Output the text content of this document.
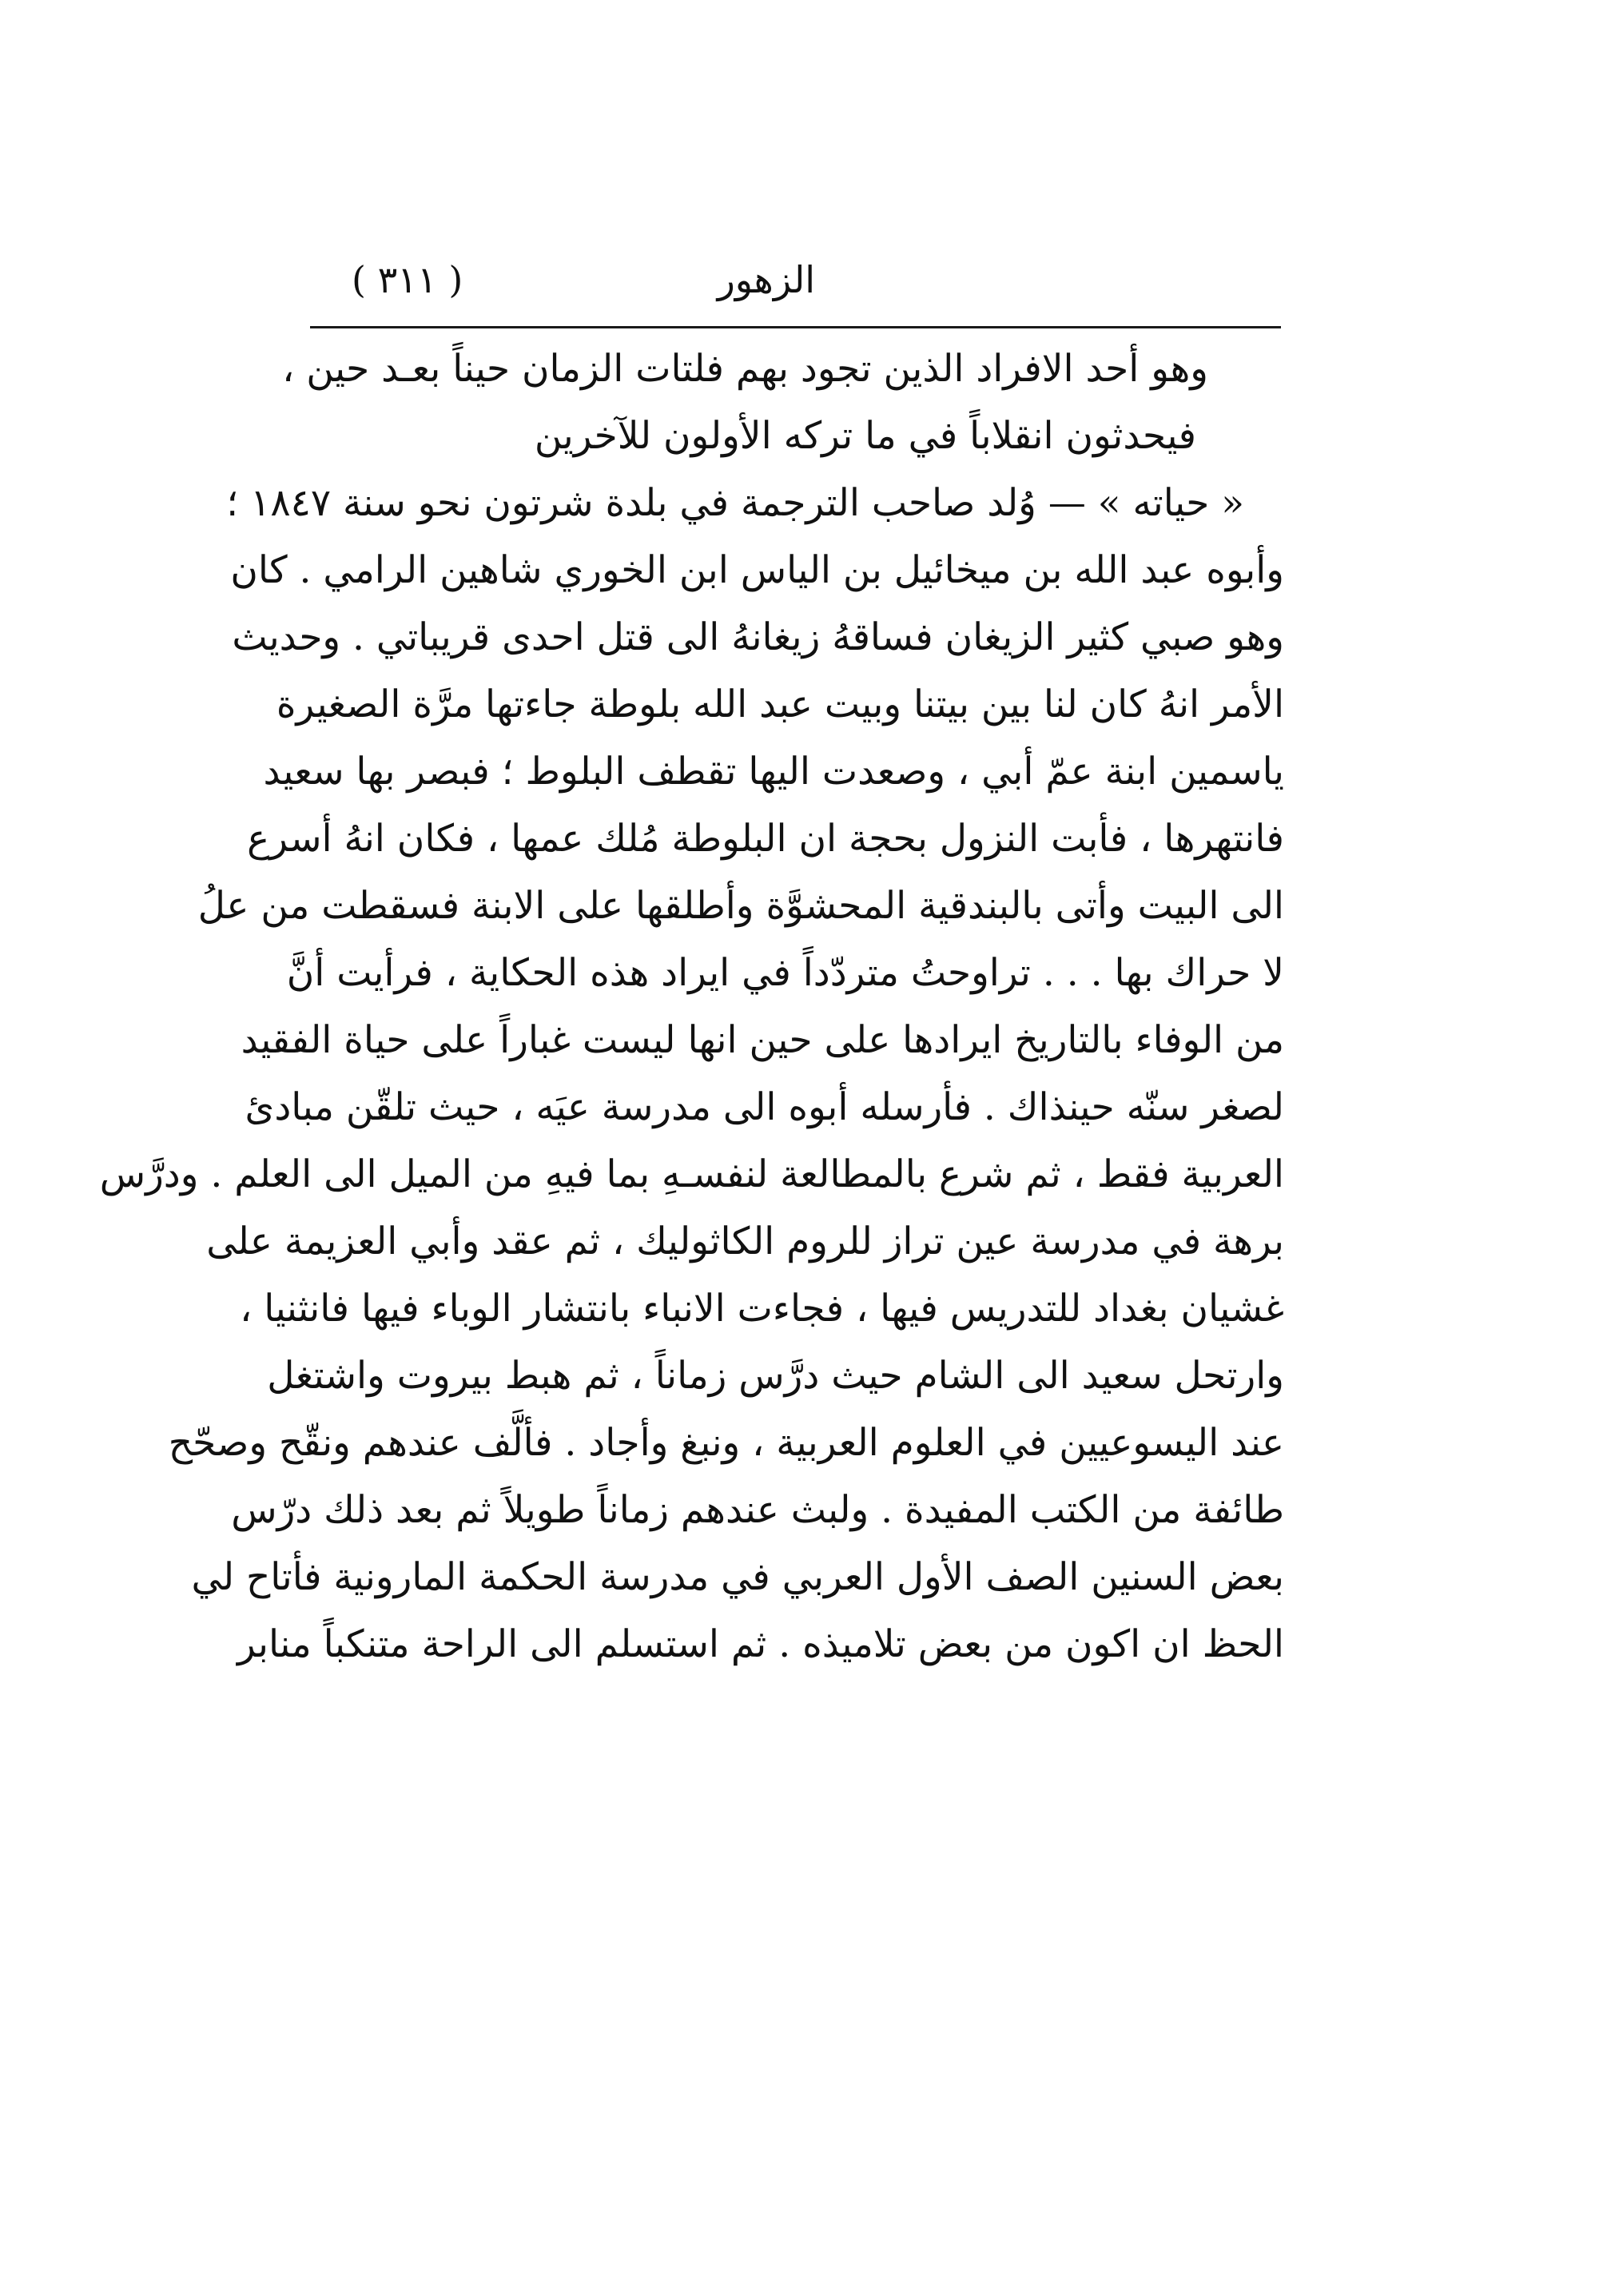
الزهور
( ٣١١ )
وهو أحد الافراد الذين تجود بهم فلتات الزمان حيناً بعـد حين ،
فيحدثون انقلاباً في ما تركه الأولون للآخرين
« حياته » — وُلد صاحب الترجمة في بلدة شرتون نحو سنة ١٨٤٧ ؛
وأبوه عبد الله بن ميخائيل بن الياس ابن الخوري شاهين الرامي . كان
وهو صبي كثير الزيغان فساقهُ زيغانهُ الى قتل احدى قريباتي . وحديث
الأمر انهُ كان لنا بين بيتنا وبيت عبد الله بلوطة جاءتها مرَّة الصغيرة
ياسمين ابنة عمّ أبي ، وصعدت اليها تقطف البلوط ؛ فبصر بها سعيد
فانتهرها ، فأبت النزول بحجة ان البلوطة مُلك عمها ، فكان انهُ أسرع
الى البيت وأتى بالبندقية المحشوَّة وأطلقها على الابنة فسقطت من علُ
لا حراك بها . . . تراوحتُ متردّداً في ايراد هذه الحكاية ، فرأيت أنَّ
من الوفاء بالتاريخ ايرادها على حين انها ليست غباراً على حياة الفقيد
لصغر سنّه حينذاك . فأرسله أبوه الى مدرسة عيَه ، حيث تلقّن مبادئ
العربية فقط ، ثم شرع بالمطالعة لنفسـهِ بما فيهِ من الميل الى العلم . ودرَّس
برهة في مدرسة عين تراز للروم الكاثوليك ، ثم عقد وأبي العزيمة على
غشيان بغداد للتدريس فيها ، فجاءت الانباء بانتشار الوباء فيها فانثنيا ،
وارتحل سعيد الى الشام حيث درَّس زماناً ، ثم هبط بيروت واشتغل
عند اليسوعيين في العلوم العربية ، ونبغ وأجاد . فألَّف عندهم ونقّح وصحّح
طائفة من الكتب المفيدة . ولبث عندهم زماناً طويلاً ثم بعد ذلك درّس
بعض السنين الصف الأول العربي في مدرسة الحكمة المارونية فأتاح لي
الحظ ان اكون من بعض تلاميذه . ثم استسلم الى الراحة متنكباً منابر
